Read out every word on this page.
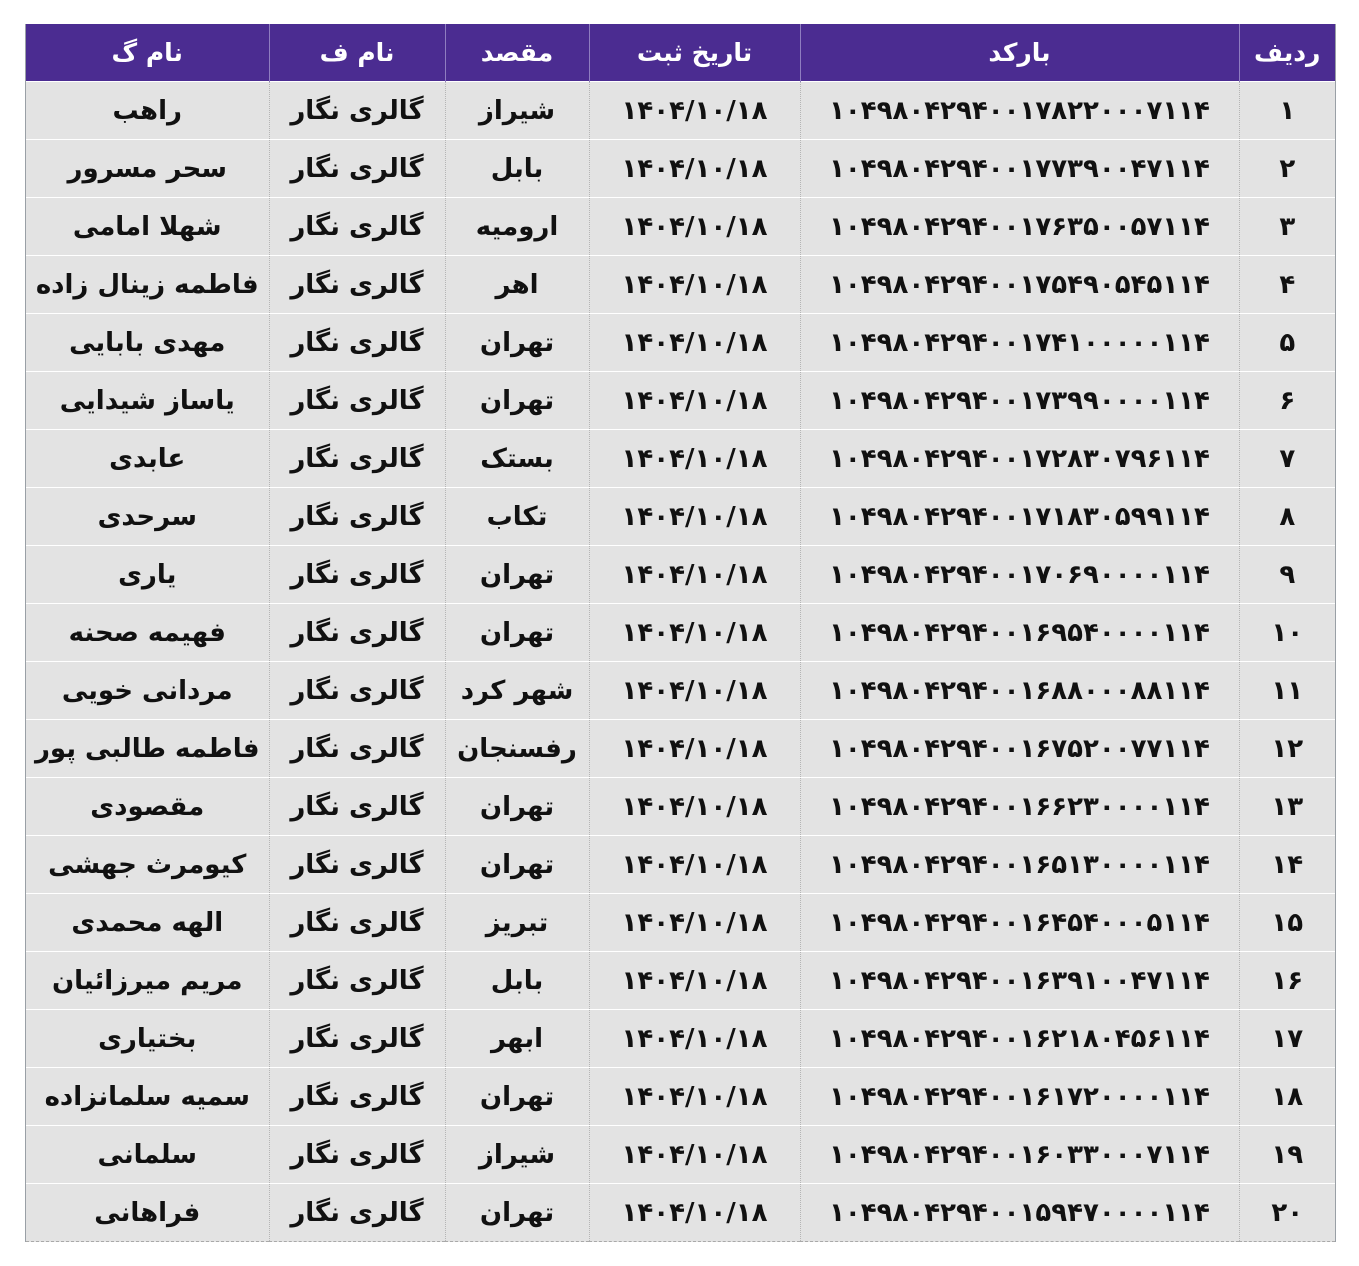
ردیف	بارکد	تاریخ ثبت	مقصد	نام ف	نام گ
۱	۱۰۴۹۸۰۴۲۹۴۰۰۱۷۸۲۲۰۰۰۷۱۱۴	۱۴۰۴/۱۰/۱۸	شیراز	گالری نگار	راهب
۲	۱۰۴۹۸۰۴۲۹۴۰۰۱۷۷۳۹۰۰۴۷۱۱۴	۱۴۰۴/۱۰/۱۸	بابل	گالری نگار	سحر مسرور
۳	۱۰۴۹۸۰۴۲۹۴۰۰۱۷۶۳۵۰۰۵۷۱۱۴	۱۴۰۴/۱۰/۱۸	ارومیه	گالری نگار	شهلا امامی
۴	۱۰۴۹۸۰۴۲۹۴۰۰۱۷۵۴۹۰۵۴۵۱۱۴	۱۴۰۴/۱۰/۱۸	اهر	گالری نگار	فاطمه زینال زاده
۵	۱۰۴۹۸۰۴۲۹۴۰۰۱۷۴۱۰۰۰۰۰۱۱۴	۱۴۰۴/۱۰/۱۸	تهران	گالری نگار	مهدی بابایی
۶	۱۰۴۹۸۰۴۲۹۴۰۰۱۷۳۹۹۰۰۰۰۱۱۴	۱۴۰۴/۱۰/۱۸	تهران	گالری نگار	یاساز شیدایی
۷	۱۰۴۹۸۰۴۲۹۴۰۰۱۷۲۸۳۰۷۹۶۱۱۴	۱۴۰۴/۱۰/۱۸	بستک	گالری نگار	عابدی
۸	۱۰۴۹۸۰۴۲۹۴۰۰۱۷۱۸۳۰۵۹۹۱۱۴	۱۴۰۴/۱۰/۱۸	تکاب	گالری نگار	سرحدی
۹	۱۰۴۹۸۰۴۲۹۴۰۰۱۷۰۶۹۰۰۰۰۱۱۴	۱۴۰۴/۱۰/۱۸	تهران	گالری نگار	یاری
۱۰	۱۰۴۹۸۰۴۲۹۴۰۰۱۶۹۵۴۰۰۰۰۱۱۴	۱۴۰۴/۱۰/۱۸	تهران	گالری نگار	فهیمه صحنه
۱۱	۱۰۴۹۸۰۴۲۹۴۰۰۱۶۸۸۰۰۰۸۸۱۱۴	۱۴۰۴/۱۰/۱۸	شهر کرد	گالری نگار	مردانی خویی
۱۲	۱۰۴۹۸۰۴۲۹۴۰۰۱۶۷۵۲۰۰۷۷۱۱۴	۱۴۰۴/۱۰/۱۸	رفسنجان	گالری نگار	فاطمه طالبی پور
۱۳	۱۰۴۹۸۰۴۲۹۴۰۰۱۶۶۲۳۰۰۰۰۱۱۴	۱۴۰۴/۱۰/۱۸	تهران	گالری نگار	مقصودی
۱۴	۱۰۴۹۸۰۴۲۹۴۰۰۱۶۵۱۳۰۰۰۰۱۱۴	۱۴۰۴/۱۰/۱۸	تهران	گالری نگار	کیومرث جهشی
۱۵	۱۰۴۹۸۰۴۲۹۴۰۰۱۶۴۵۴۰۰۰۵۱۱۴	۱۴۰۴/۱۰/۱۸	تبریز	گالری نگار	الهه محمدی
۱۶	۱۰۴۹۸۰۴۲۹۴۰۰۱۶۳۹۱۰۰۴۷۱۱۴	۱۴۰۴/۱۰/۱۸	بابل	گالری نگار	مریم میرزائیان
۱۷	۱۰۴۹۸۰۴۲۹۴۰۰۱۶۲۱۸۰۴۵۶۱۱۴	۱۴۰۴/۱۰/۱۸	ابهر	گالری نگار	بختیاری
۱۸	۱۰۴۹۸۰۴۲۹۴۰۰۱۶۱۷۲۰۰۰۰۱۱۴	۱۴۰۴/۱۰/۱۸	تهران	گالری نگار	سمیه سلمانزاده
۱۹	۱۰۴۹۸۰۴۲۹۴۰۰۱۶۰۳۳۰۰۰۷۱۱۴	۱۴۰۴/۱۰/۱۸	شیراز	گالری نگار	سلمانی
۲۰	۱۰۴۹۸۰۴۲۹۴۰۰۱۵۹۴۷۰۰۰۰۱۱۴	۱۴۰۴/۱۰/۱۸	تهران	گالری نگار	فراهانی
